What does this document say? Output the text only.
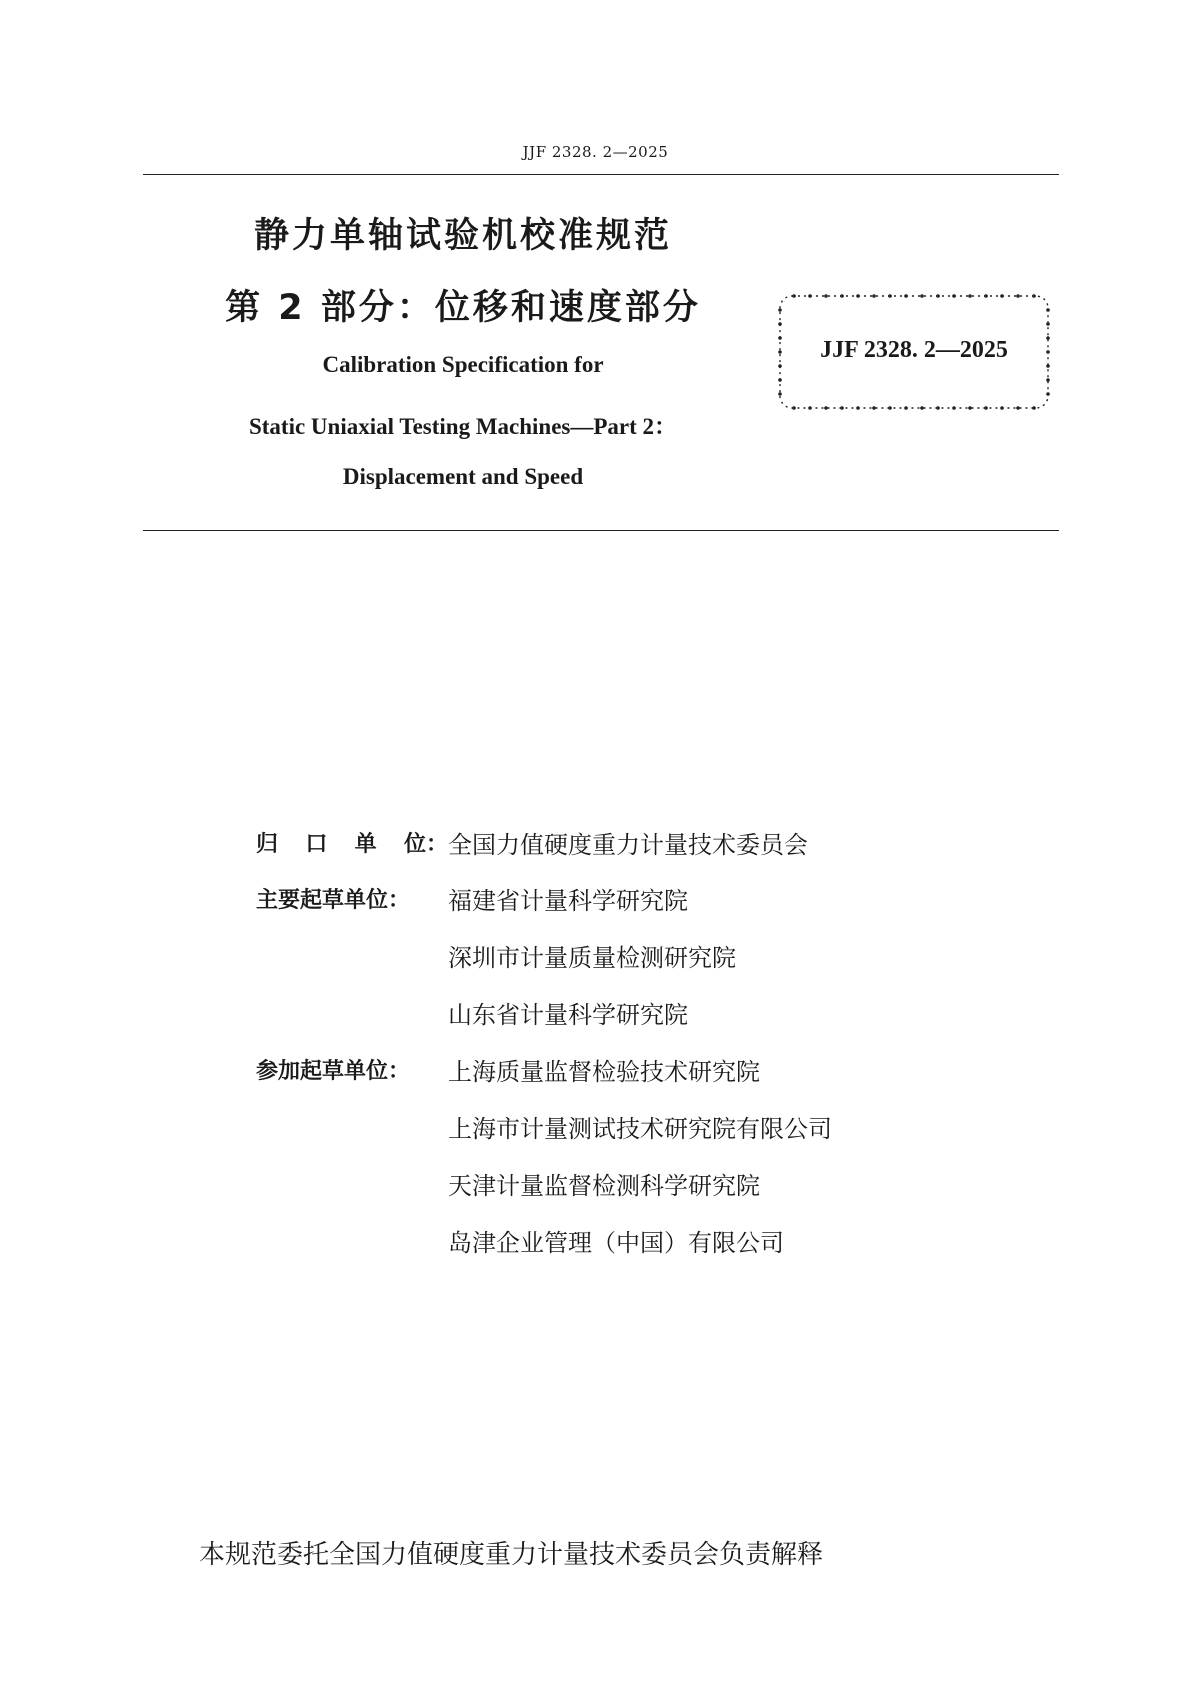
JJF 2328. 2—2025
静力单轴试验机校准规范
第 2 部分：位移和速度部分
Calibration Specification for
Static Uniaxial Testing Machines—Part 2：
Displacement and Speed
JJF 2328. 2—2025
归 口 单 位 ： 全国力值硬度重力计量技术委员会
主要起草单位：	福建省计量科学研究院
深圳市计量质量检测研究院
山东省计量科学研究院
参加起草单位：	上海质量监督检验技术研究院
上海市计量测试技术研究院有限公司
天津计量监督检测科学研究院
岛津企业管理（中国）有限公司
本规范委托全国力值硬度重力计量技术委员会负责解释
